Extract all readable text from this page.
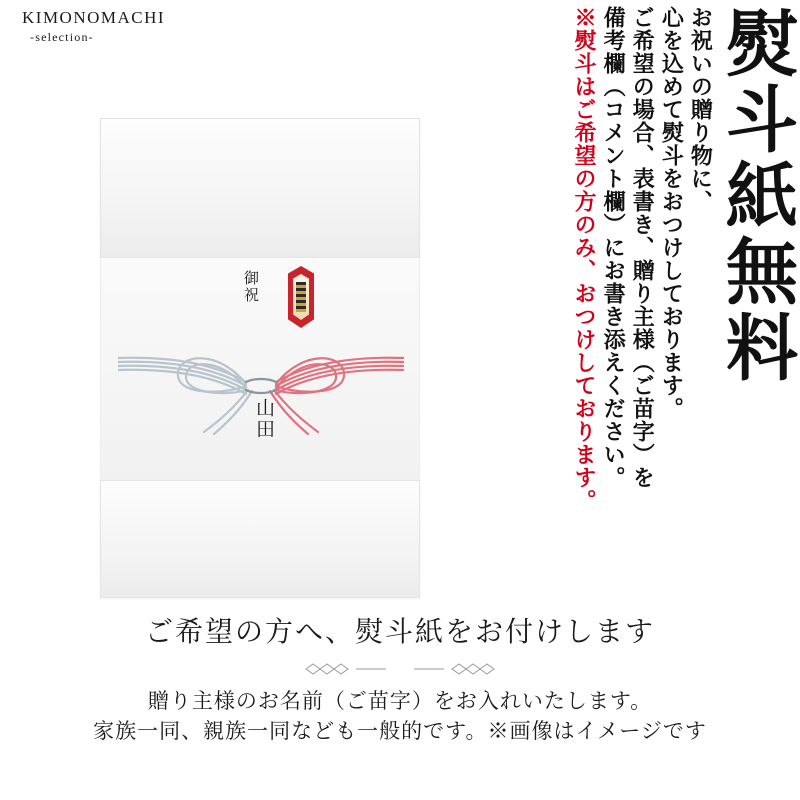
KIMONOMACHI
-selection-	※熨斗はご希望の方のみ、おつけしております。 備考欄（コメント欄）にお書き添えください。 ご希望の場合、表書き、贈り主様（ご苗字）を 心を込めて熨斗をおつけしております。 お祝いの贈り物に、 熨斗紙無料
御祝
山田
ご希望の方へ、熨斗紙をお付けします
贈り主様のお名前（ご苗字）をお入れいたします。
家族一同、親族一同なども一般的です。※画像はイメージです
